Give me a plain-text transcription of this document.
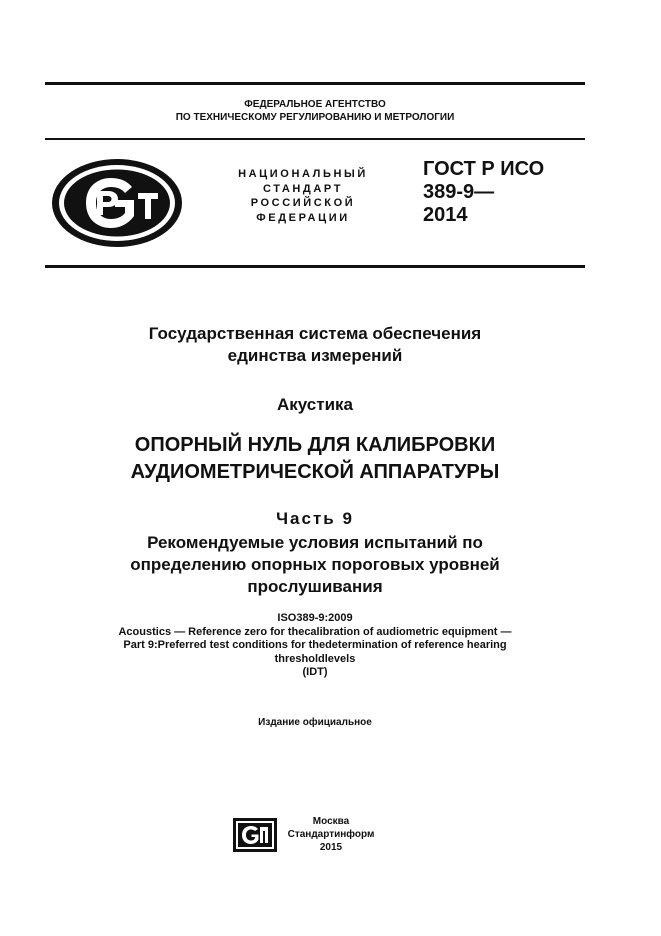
ФЕДЕРАЛЬНОЕ АГЕНТСТВО
ПО ТЕХНИЧЕСКОМУ РЕГУЛИРОВАНИЮ И МЕТРОЛОГИИ
НАЦИОНАЛЬНЫЙ
СТАНДАРТ
РОССИЙСКОЙ
ФЕДЕРАЦИИ
ГОСТ Р ИСО
389-9—
2014
Государственная система обеспечения
единства измерений
Акустика
ОПОРНЫЙ НУЛЬ ДЛЯ КАЛИБРОВКИ
АУДИОМЕТРИЧЕСКОЙ АППАРАТУРЫ
Часть 9
Рекомендуемые условия испытаний по
определению опорных пороговых уровней
прослушивания
ISO389-9:2009
Acoustics — Reference zero for thecalibration of audiometric equipment —
Part 9:Preferred test conditions for thedetermination of reference hearing
thresholdlevels
(IDT)
Издание официальное
Москва
Стандартинформ
2015
